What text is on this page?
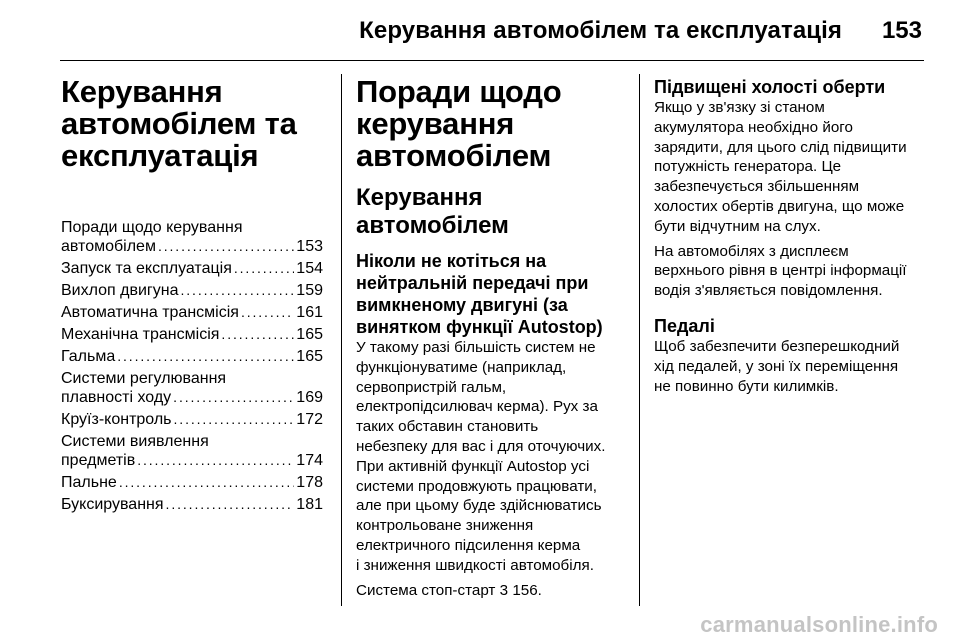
Керування автомобілем та експлуатація 153
Керування
автомобілем та
експлуатація
Поради щодо керування
автомобілем . . .	153
Запуск та експлуатація . . .	154
Вихлоп двигуна . . .	159
Автоматична трансмісія . . .	161
Механічна трансмісія . . .	165
Гальма . . .	165
Системи регулювання
плавності ходу . . .	169
Круїз-контроль . . .	172
Системи виявлення
предметів . . .	174
Пальне . . .	178
Буксирування . . .	181
Поради щодо
керування
автомобілем
Керування автомобілем
Ніколи не котіться на
нейтральній передачі при
вимкненому двигуні (за
винятком функції Autostop)
У такому разі більшість систем не
функціонуватиме (наприклад,
сервопристрій гальм,
електропідсилювач керма). Рух за
таких обставин становить
небезпеку для вас і для оточуючих.
При активній функції Autostop усі
системи продовжують працювати,
але при цьому буде здійснюватись
контрольоване зниження
електричного підсилення керма
і зниження швидкості автомобіля.

Система стоп-старт 3 156.

Підвищені холості оберти
Якщо у зв'язку зі станом
акумулятора необхідно його
зарядити, для цього слід підвищити
потужність генератора. Це
забезпечується збільшенням
холостих обертів двигуна, що може
бути відчутним на слух.
На автомобілях з дисплеєм
верхнього рівня в центрі інформації
водія з'являється повідомлення.
Педалі
Щоб забезпечити безперешкодний
хід педалей, у зоні їх переміщення
не повинно бути килимків.
carmanualsonline.info
